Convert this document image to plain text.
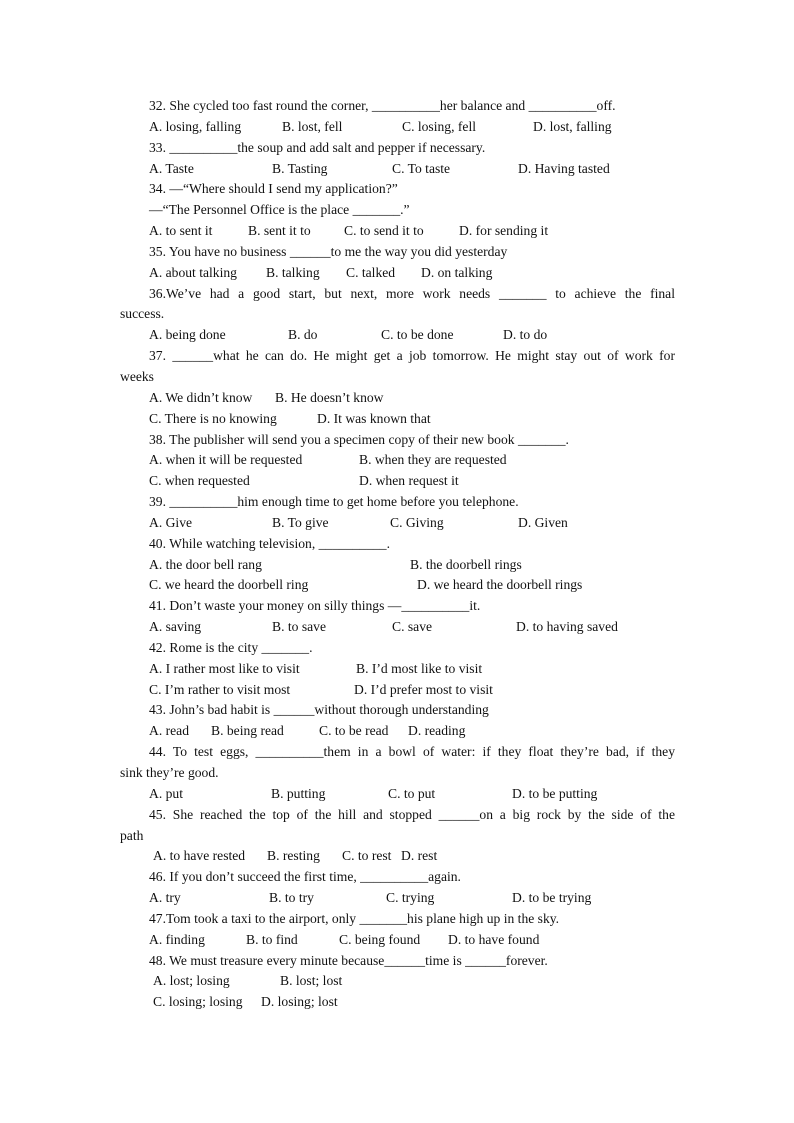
32. She cycled too fast round the corner, __________her balance and __________off.
A. losing, falling	B. lost, fell	C. losing, fell	D. lost, falling
33. __________the soup and add salt and pepper if necessary.
A. Taste	B. Tasting	C. To taste	D. Having tasted
34. —“Where should I send my application?”
—“The Personnel Office is the place _______.”
A. to sent it	B. sent it to C. to send it to	D. for sending it
35. You have no business ______to me the way you did yesterday
A. about talking B. talking C. talked D. on talking
36.We’ve had a good start, but next, more work needs _______ to achieve the final
success.
A. being done	B. do	C. to be done	D. to do
37. ______what he can do. He might get a job tomorrow. He might stay out of work for
weeks
A. We didn’t know B. He doesn’t know
C. There is no knowing	D. It was known that
38. The publisher will send you a specimen copy of their new book _______.
A. when it will be requested	B. when they are requested
C. when requested	D. when request it
39. __________him enough time to get home before you telephone.
A. Give	B. To give	C. Giving	D. Given
40. While watching television, __________.
A. the door bell rang	B. the doorbell rings
C. we heard the doorbell ring	D. we heard the doorbell rings
41. Don’t waste your money on silly things —__________it.
A. saving	B. to save	C. save	D. to having saved
42. Rome is the city _______.
A. I rather most like to visit	B. I’d most like to visit
C. I’m rather to visit most	D. I’d prefer most to visit
43. John’s bad habit is ______without thorough understanding
A. read B. being read	C. to be read D. reading
44. To test eggs, __________them in a bowl of water: if they float they’re bad, if they
sink they’re good.
A. put	B. putting	C. to put	D. to be putting
45. She reached the top of the hill and stopped ______on a big rock by the side of the
path
A. to have rested B. resting C. to rest D. rest
46. If you don’t succeed the first time, __________again.
A. try	B. to try	C. trying	D. to be trying
47.Tom took a taxi to the airport, only _______his plane high up in the sky.
A. finding	B. to find	C. being found D. to have found
48. We must treasure every minute because______time is ______forever.
A. lost; losing	B. lost; lost
C. losing; losing D. losing; lost
